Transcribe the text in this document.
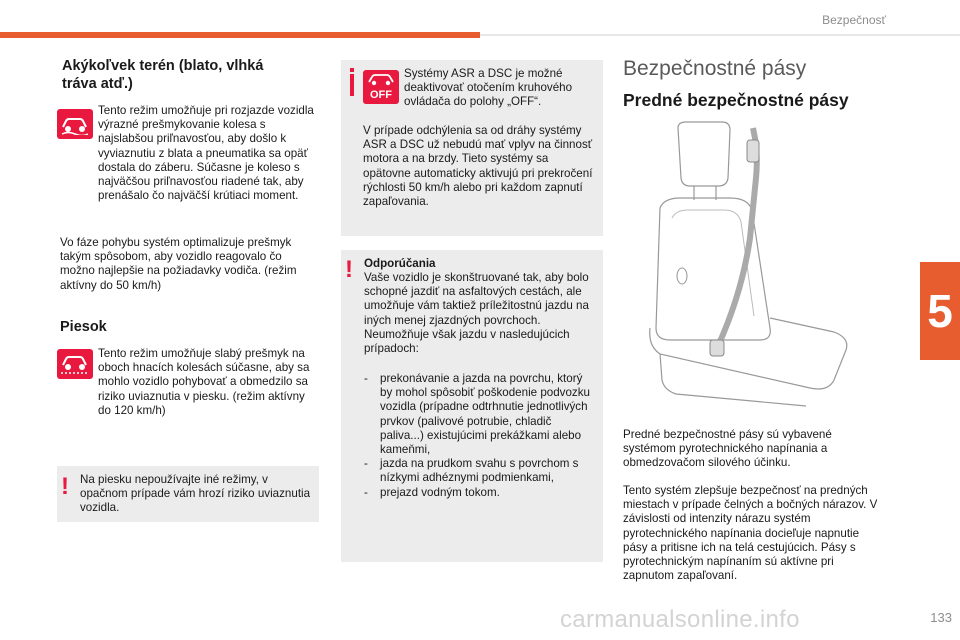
Bezpečnosť
5
133
Akýkoľvek terén (blato, vlhká tráva atď.)
Tento režim umožňuje pri rozjazde vozidla výrazné prešmykovanie kolesa s najslabšou priľnavosťou, aby došlo k vyviaznutiu z blata a pneumatika sa opäť dostala do záberu. Súčasne je koleso s najväčšou priľnavosťou riadené tak, aby prenášalo čo najväčší krútiaci moment.
Vo fáze pohybu systém optimalizuje prešmyk takým spôsobom, aby vozidlo reagovalo čo možno najlepšie na požiadavky vodiča. (režim aktívny do 50 km/h)
Piesok
Tento režim umožňuje slabý prešmyk na oboch hnacích kolesách súčasne, aby sa mohlo vozidlo pohybovať a obmedzilo sa riziko uviaznutia v piesku. (režim aktívny do 120 km/h)
! Na piesku nepoužívajte iné režimy, v opačnom prípade vám hrozí riziko uviaznutia vozidla.
OFF
Systémy ASR a DSC je možné deaktivovať otočením kruhového ovládača do polohy „OFF“.
V prípade odchýlenia sa od dráhy systémy ASR a DSC už nebudú mať vplyv na činnosť motora a na brzdy. Tieto systémy sa opätovne automaticky aktivujú pri prekročení rýchlosti 50 km/h alebo pri každom zapnutí zapaľovania.
! Odporúčania
Vaše vozidlo je skonštruované tak, aby bolo schopné jazdiť na asfaltových cestách, ale umožňuje vám taktiež príležitostnú jazdu na iných menej zjazdných povrchoch. Neumožňuje však jazdu v nasledujúcich prípadoch:
- prekonávanie a jazda na povrchu, ktorý by mohol spôsobiť poškodenie podvozku vozidla (prípadne odtrhnutie jednotlivých prvkov (palivové potrubie, chladič paliva...) existujúcimi prekážkami alebo kameňmi,
- jazda na prudkom svahu s povrchom s nízkymi adhéznymi podmienkami,
- prejazd vodným tokom.
Bezpečnostné pásy
Predné bezpečnostné pásy
Predné bezpečnostné pásy sú vybavené systémom pyrotechnického napínania a obmedzovačom silového účinku.
Tento systém zlepšuje bezpečnosť na predných miestach v prípade čelných a bočných nárazov. V závislosti od intenzity nárazu systém pyrotechnického napínania docieľuje napnutie pásy a pritisne ich na telá cestujúcich. Pásy s pyrotechnickým napínaním sú aktívne pri zapnutom zapaľovaní.
carmanualsonline.info
